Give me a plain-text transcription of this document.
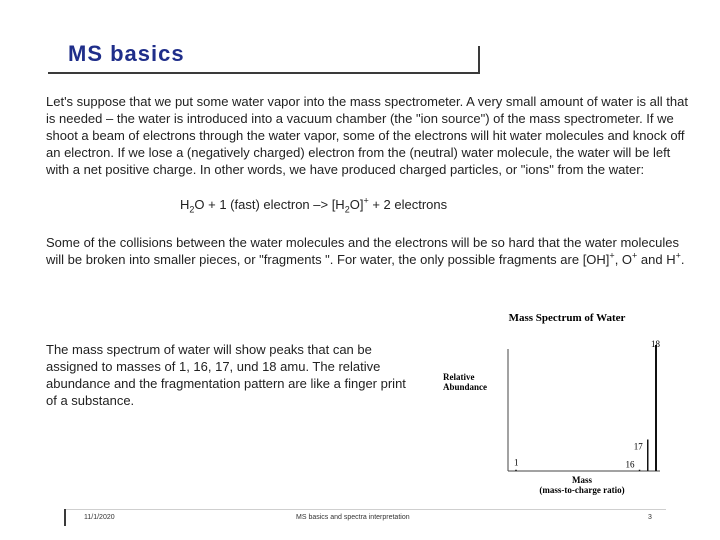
MS basics
Let's suppose that we put some water vapor into the mass spectrometer. A very small amount of water is all that is needed – the water is introduced into a vacuum chamber (the "ion source") of the mass spectrometer. If we shoot a beam of electrons through the water vapor, some of the electrons will hit water molecules and knock off an electron. If we lose a (negatively charged) electron from the (neutral) water molecule, the water will be left with a net positive charge. In other words, we have produced charged particles, or "ions" from the water:
$H_2O + 1$ (fast) electron –> $[H_2O]^+ + 2$ electrons
Some of the collisions between the water molecules and the electrons will be so hard that the water molecules will be broken into smaller pieces, or "fragments ". For water, the only possible fragments are [OH]+, O+ and H+.
The mass spectrum of water will show peaks that can be assigned to masses of 1, 16, 17, und 18 amu. The relative abundance and the fragmentation pattern are like a finger print of a substance.
Mass Spectrum of Water
Relative
Abundance
1	16
17
18
Mass
(mass-to-charge ratio)
11/1/2020	MS basics and spectra interpretation	3
